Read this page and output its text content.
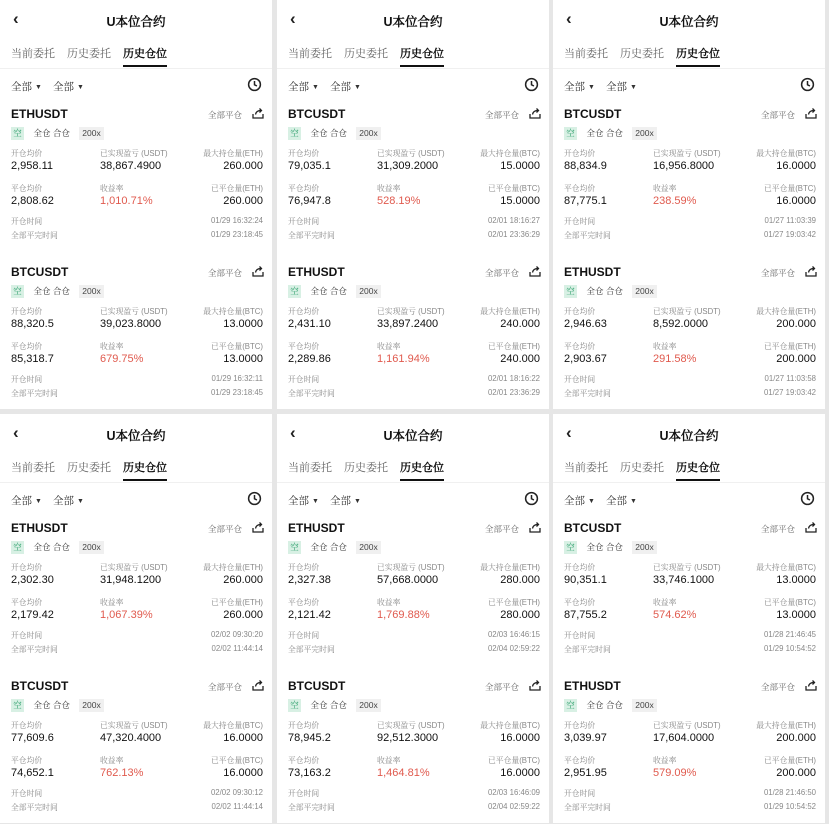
‹	U本位合约
当前委托 历史委托 历史仓位
全部 ▼ 全部 ▼
ETHUSDT	全部平仓
空 全仓 合仓 200x
开仓均价	已实现盈亏 (USDT)	最大持仓量(ETH)
2,958.11	38,867.4900	260.000
平仓均价	收益率	已平仓量(ETH)
2,808.62	1,010.71%	260.000
开仓时间	01/29 16:32:24
全部平完时间	01/29 23:18:45
BTCUSDT	全部平仓
空 全仓 合仓 200x
开仓均价	已实现盈亏 (USDT)	最大持仓量(BTC)
88,320.5	39,023.8000	13.0000
平仓均价	收益率	已平仓量(BTC)
85,318.7	679.75%	13.0000
开仓时间	01/29 16:32:11
全部平完时间	01/29 23:18:45
‹	U本位合约
当前委托 历史委托 历史仓位
全部 ▼ 全部 ▼
BTCUSDT	全部平仓
空 全仓 合仓 200x
开仓均价	已实现盈亏 (USDT)	最大持仓量(BTC)
79,035.1	31,309.2000	15.0000
平仓均价	收益率	已平仓量(BTC)
76,947.8	528.19%	15.0000
开仓时间	02/01 18:16:27
全部平完时间	02/01 23:36:29
ETHUSDT	全部平仓
空 全仓 合仓 200x
开仓均价	已实现盈亏 (USDT)	最大持仓量(ETH)
2,431.10	33,897.2400	240.000
平仓均价	收益率	已平仓量(ETH)
2,289.86	1,161.94%	240.000
开仓时间	02/01 18:16:22
全部平完时间	02/01 23:36:29
‹	U本位合约
当前委托 历史委托 历史仓位
全部 ▼ 全部 ▼
BTCUSDT	全部平仓
空 全仓 合仓 200x
开仓均价	已实现盈亏 (USDT)	最大持仓量(BTC)
88,834.9	16,956.8000	16.0000
平仓均价	收益率	已平仓量(BTC)
87,775.1	238.59%	16.0000
开仓时间	01/27 11:03:39
全部平完时间	01/27 19:03:42
ETHUSDT	全部平仓
空 全仓 合仓 200x
开仓均价	已实现盈亏 (USDT)	最大持仓量(ETH)
2,946.63	8,592.0000	200.000
平仓均价	收益率	已平仓量(ETH)
2,903.67	291.58%	200.000
开仓时间	01/27 11:03:58
全部平完时间	01/27 19:03:42
‹	U本位合约
当前委托 历史委托 历史仓位
全部 ▼ 全部 ▼
ETHUSDT	全部平仓
空 全仓 合仓 200x
开仓均价	已实现盈亏 (USDT)	最大持仓量(ETH)
2,302.30	31,948.1200	260.000
平仓均价	收益率	已平仓量(ETH)
2,179.42	1,067.39%	260.000
开仓时间	02/02 09:30:20
全部平完时间	02/02 11:44:14
BTCUSDT	全部平仓
空 全仓 合仓 200x
开仓均价	已实现盈亏 (USDT)	最大持仓量(BTC)
77,609.6	47,320.4000	16.0000
平仓均价	收益率	已平仓量(BTC)
74,652.1	762.13%	16.0000
开仓时间	02/02 09:30:12
全部平完时间	02/02 11:44:14
‹	U本位合约
当前委托 历史委托 历史仓位
全部 ▼ 全部 ▼
ETHUSDT	全部平仓
空 全仓 合仓 200x
开仓均价	已实现盈亏 (USDT)	最大持仓量(ETH)
2,327.38	57,668.0000	280.000
平仓均价	收益率	已平仓量(ETH)
2,121.42	1,769.88%	280.000
开仓时间	02/03 16:46:15
全部平完时间	02/04 02:59:22
BTCUSDT	全部平仓
空 全仓 合仓 200x
开仓均价	已实现盈亏 (USDT)	最大持仓量(BTC)
78,945.2	92,512.3000	16.0000
平仓均价	收益率	已平仓量(BTC)
73,163.2	1,464.81%	16.0000
开仓时间	02/03 16:46:09
全部平完时间	02/04 02:59:22
‹	U本位合约
当前委托 历史委托 历史仓位
全部 ▼ 全部 ▼
BTCUSDT	全部平仓
空 全仓 合仓 200x
开仓均价	已实现盈亏 (USDT)	最大持仓量(BTC)
90,351.1	33,746.1000	13.0000
平仓均价	收益率	已平仓量(BTC)
87,755.2	574.62%	13.0000
开仓时间	01/28 21:46:45
全部平完时间	01/29 10:54:52
ETHUSDT	全部平仓
空 全仓 合仓 200x
开仓均价	已实现盈亏 (USDT)	最大持仓量(ETH)
3,039.97	17,604.0000	200.000
平仓均价	收益率	已平仓量(ETH)
2,951.95	579.09%	200.000
开仓时间	01/28 21:46:50
全部平完时间	01/29 10:54:52
